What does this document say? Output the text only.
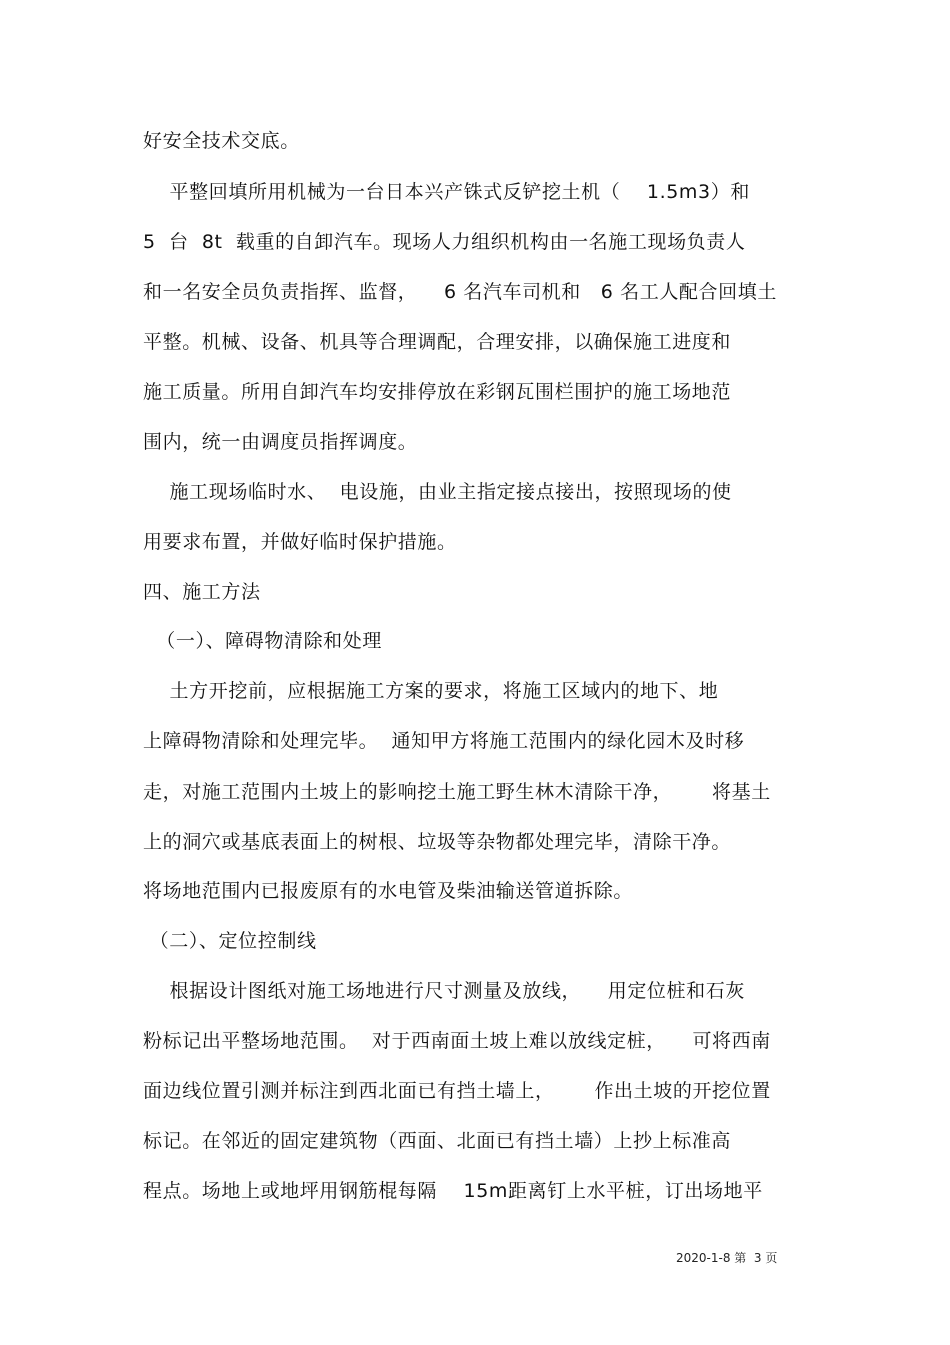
好安全技术交底。
平整回填所用机械为一台日本兴产铢式反铲挖土机（    1.5m3）和
5  台  8t  载重的自卸汽车。现场人力组织机构由一名施工现场负责人
和一名安全员负责指挥、监督，    6 名汽车司机和   6 名工人配合回填土
平整。机械、设备、机具等合理调配，合理安排，以确保施工进度和
施工质量。所用自卸汽车均安排停放在彩钢瓦围栏围护的施工场地范
围内，统一由调度员指挥调度。
施工现场临时水、  电设施，由业主指定接点接出，按照现场的使
用要求布置，并做好临时保护措施。
四、施工方法
（一）、障碍物清除和处理
土方开挖前，应根据施工方案的要求，将施工区域内的地下、地
上障碍物清除和处理完毕。  通知甲方将施工范围内的绿化园木及时移
走，对施工范围内土坡上的影响挖土施工野生林木清除干净，      将基土
上的洞穴或基底表面上的树根、垃圾等杂物都处理完毕，清除干净。
将场地范围内已报废原有的水电管及柴油输送管道拆除。
（二）、定位控制线
根据设计图纸对施工场地进行尺寸测量及放线，    用定位桩和石灰
粉标记出平整场地范围。  对于西南面土坡上难以放线定桩，    可将西南
面边线位置引测并标注到西北面已有挡土墙上，      作出土坡的开挖位置
标记。在邻近的固定建筑物（西面、北面已有挡土墙）上抄上标准高
程点。场地上或地坪用钢筋棍每隔    15m距离钉上水平桩，订出场地平
2020-1-8 第  3 页
